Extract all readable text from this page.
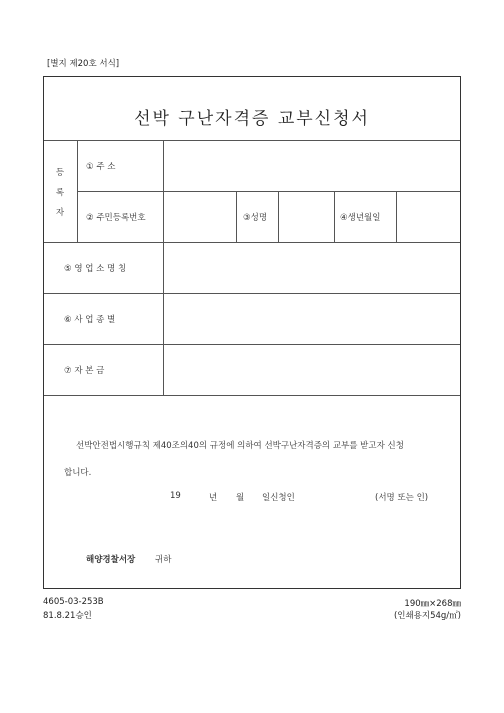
[별지 제20호 서식]
선박 구난자격증 교부신청서
등
록
자
① 주 소
② 주민등록번호	③성명	④생년월일
⑤ 영 업 소 명 칭
⑥ 사 업 종 별
⑦ 자 본 금
선박안전법시행규칙 제40조의40의 규정에 의하여 선박구난자격증의 교부를 받고자 신청
합니다.
19	년 월 일신청인	(서명 또는 인)
해양경찰서장 귀하
4605-03-253B
81.8.21승인
190㎜×268㎜
(인쇄용지54g/㎡)
